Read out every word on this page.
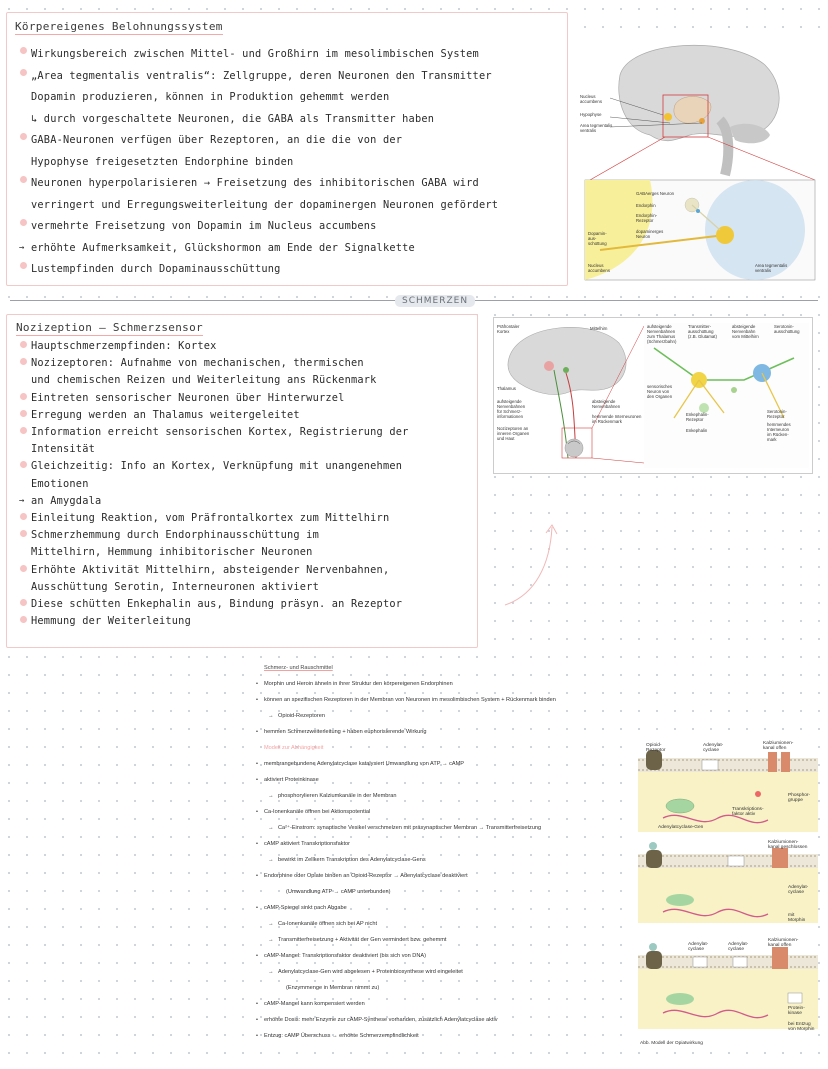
Körpereigenes Belohnungssystem
Wirkungsbereich zwischen Mittel- und Großhirn im mesolimbischen System
„Area tegmentalis ventralis“: Zellgruppe, deren Neuronen den Transmitter
Dopamin produzieren, können in Produktion gehemmt werden
↳ durch vorgeschaltete Neuronen, die GABA als Transmitter haben
GABA-Neuronen verfügen über Rezeptoren, an die die von der
Hypophyse freigesetzten Endorphine binden
Neuronen hyperpolarisieren → Freisetzung des inhibitorischen GABA wird
verringert und Erregungsweiterleitung der dopaminergen Neuronen gefördert
vermehrte Freisetzung von Dopamin im Nucleus accumbens
→ erhöhte Aufmerksamkeit, Glückshormon am Ende der Signalkette
Lustempfinden durch Dopaminausschüttung
Nucleus
accumbens
Hypophyse
Area tegmentalis
ventralis
GABAerges Neuron
Endorphin
Endorphin-
Rezeptor
dopaminerges
Neuron
Dopamin-
aus-
schüttung
Nucleus
accumbens
Area tegmentalis
ventralis
SCHMERZEN
Nozizeption – Schmerzsensor
Hauptschmerzempfinden: Kortex
Nozizeptoren: Aufnahme von mechanischen, thermischen
und chemischen Reizen und Weiterleitung ans Rückenmark
Eintreten sensorischer Neuronen über Hinterwurzel
Erregung werden an Thalamus weitergeleitet
Information erreicht sensorischen Kortex, Registrierung der
Intensität
Gleichzeitig: Info an Kortex, Verknüpfung mit unangenehmen
Emotionen
→ an Amygdala
Einleitung Reaktion, vom Präfrontalkortex zum Mittelhirn
Schmerzhemmung durch Endorphinausschüttung im
Mittelhirn, Hemmung inhibitorischer Neuronen
Erhöhte Aktivität Mittelhirn, absteigender Nervenbahnen,
Ausschüttung Serotin, Interneuronen aktiviert
Diese schütten Enkephalin aus, Bindung präsyn. an Rezeptor
Hemmung der Weiterleitung
Präfrontaler
Kortex
Mittelhirn
Thalamus
aufsteigende
Nervenbahnen
für Schmerz-
informationen
Nozizeptoren an
inneren Organen
und Haut
absteigende
Nervenbahnen
hemmende Interneuronen
im Rückenmark
aufsteigende
Nervenbahnen
zum Thalamus
(Schmerzbahn)
Transmitter-
ausschüttung
(z.B. Glutamat)
absteigende
Nervenbahn
vom Mittelhirn
Serotonin-
ausschüttung
sensorisches
Neuron von
den Organen
Enkephalin-
Rezeptor
Enkephalin
Serotonin-
Rezeptor
hemmendes
Interneuron
im Rücken-
mark
Schmerz- und Rauschmittel
• Morphin und Heroin ähneln in ihrer Struktur den körpereigenen Endorphinen
• können an spezifischen Rezeptoren in der Membran von Neuronen im mesolimbischen System + Rückenmark binden
→ Opioid-Rezeptoren
• hemmen Schmerzweiterleitung + haben euphorisierende Wirkung
Modell zur Abhängigkeit
• membrangebundene Adenylatcyclase katalysiert Umwandlung von ATP → cAMP
• aktiviert Proteinkinase
→ phosphorylieren Kalziumkanäle in der Membran
• Ca-Ionenkanäle öffnen bei Aktionspotential
→ Ca²⁺-Einstrom: synaptische Vesikel verschmelzen mit präsynaptischer Membran → Transmitterfreisetzung
• cAMP aktiviert Transkriptionsfaktor
→ bewirkt im Zellkern Transkription des Adenylatcyclase-Gens
• Endorphine oder Opiate binden an Opioid-Rezeptor → Adenylatcyclase deaktiviert
(Umwandlung ATP → cAMP unterbunden)
• cAMP-Spiegel sinkt nach Abgabe
→ Ca-Ionenkanäle öffnen sich bei AP nicht
→ Transmitterfreisetzung + Aktivität der Gen vermindert bzw. gehemmt
• cAMP-Mangel: Transkriptionsfaktor deaktiviert (bis sich von DNA)
→ Adenylatcyclase-Gen wird abgelesen + Proteinbiosynthese wird eingeleitet
(Enzymmenge in Membran nimmt zu)
• cAMP-Mangel kann kompensiert werden
• erhöhte Dosis: mehr Enzyme zur cAMP-Synthese vorhanden, zusätzlich Adenylatcyclase aktiv
• Entzug: cAMP Überschuss → erhöhte Schmerzempfindlichkeit
Opioid-
Rezeptor
Adenylat-
cyclase
Kalziumionen-
kanal offen
Phosphor-
gruppe
Transkriptions-
faktor aktiv
Adenylatcyclase-Gen
Kalziumionen-
kanal geschlossen
Adenylat-
cyclase
mit
Morphin
Adenylat-
cyclase
Adenylat-
cyclase
Kalziumionen-
kanal offen
Protein-
kinase
bei Entzug
von Morphin
Abb. Modell der Opiatwirkung
